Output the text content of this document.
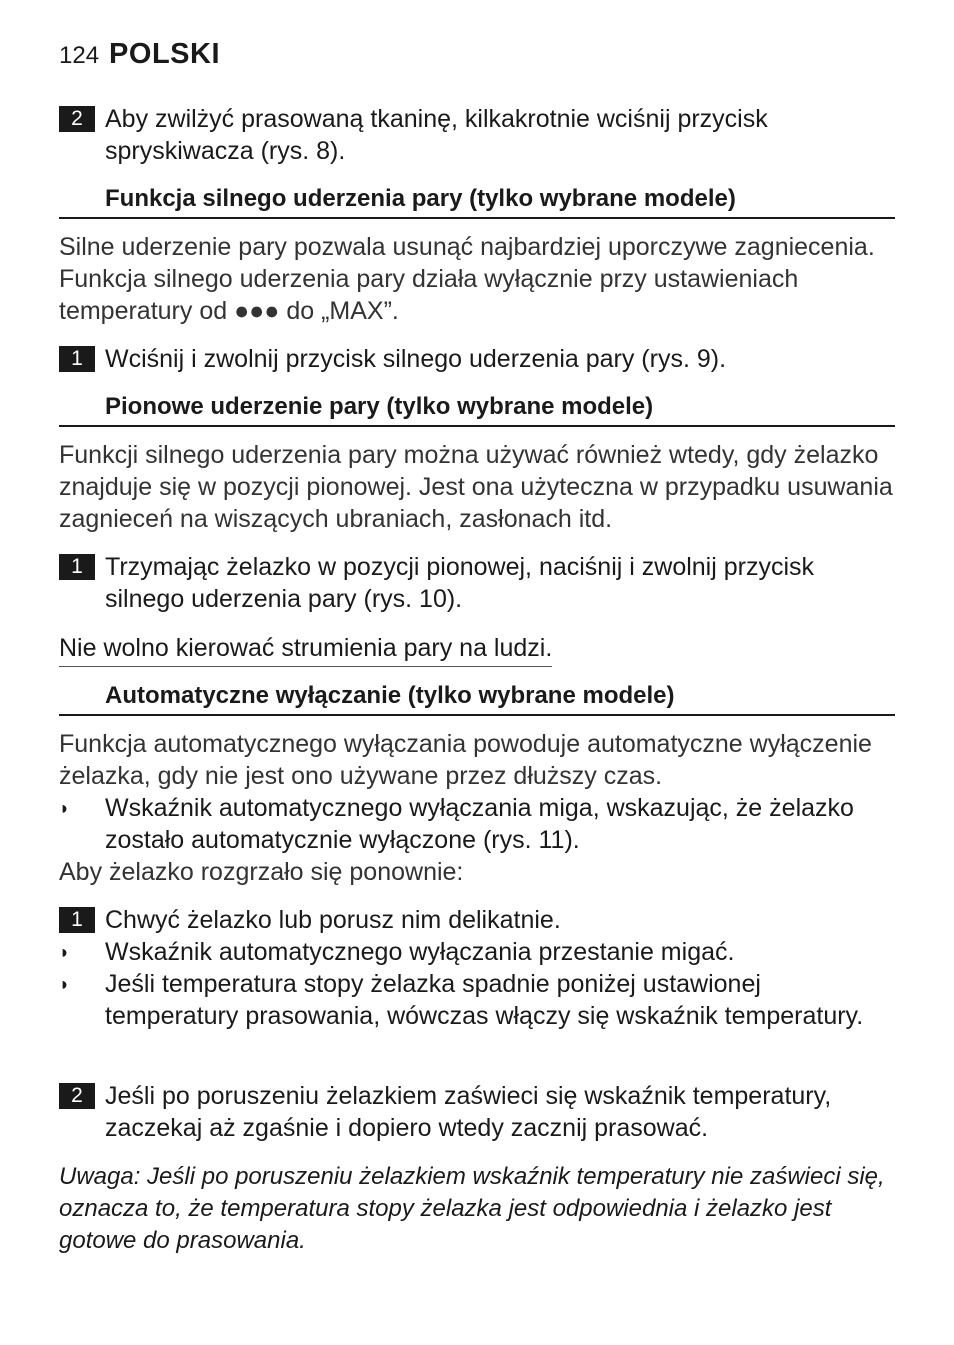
124 POLSKI
2 Aby zwilżyć prasowaną tkaninę, kilkakrotnie wciśnij przycisk spryskiwacza (rys. 8).
Funkcja silnego uderzenia pary (tylko wybrane modele)
Silne uderzenie pary pozwala usunąć najbardziej uporczywe zagniecenia. Funkcja silnego uderzenia pary działa wyłącznie przy ustawieniach temperatury od ●●● do „MAX”.
1 Wciśnij i zwolnij przycisk silnego uderzenia pary (rys. 9).
Pionowe uderzenie pary (tylko wybrane modele)
Funkcji silnego uderzenia pary można używać również wtedy, gdy żelazko znajduje się w pozycji pionowej. Jest ona użyteczna w przypadku usuwania zagnieceń na wiszących ubraniach, zasłonach itd.
1 Trzymając żelazko w pozycji pionowej, naciśnij i zwolnij przycisk silnego uderzenia pary (rys. 10).
Nie wolno kierować strumienia pary na ludzi.
Automatyczne wyłączanie (tylko wybrane modele)
Funkcja automatycznego wyłączania powoduje automatyczne wyłączenie żelazka, gdy nie jest ono używane przez dłuższy czas.
◗ Wskaźnik automatycznego wyłączania miga, wskazując, że żelazko zostało automatycznie wyłączone (rys. 11).
Aby żelazko rozgrzało się ponownie:
1 Chwyć żelazko lub porusz nim delikatnie.
◗ Wskaźnik automatycznego wyłączania przestanie migać.
◗ Jeśli temperatura stopy żelazka spadnie poniżej ustawionej temperatury prasowania, wówczas włączy się wskaźnik temperatury.
2 Jeśli po poruszeniu żelazkiem zaświeci się wskaźnik temperatury, zaczekaj aż zgaśnie i dopiero wtedy zacznij prasować.
Uwaga: Jeśli po poruszeniu żelazkiem wskaźnik temperatury nie zaświeci się, oznacza to, że temperatura stopy żelazka jest odpowiednia i żelazko jest gotowe do prasowania.
